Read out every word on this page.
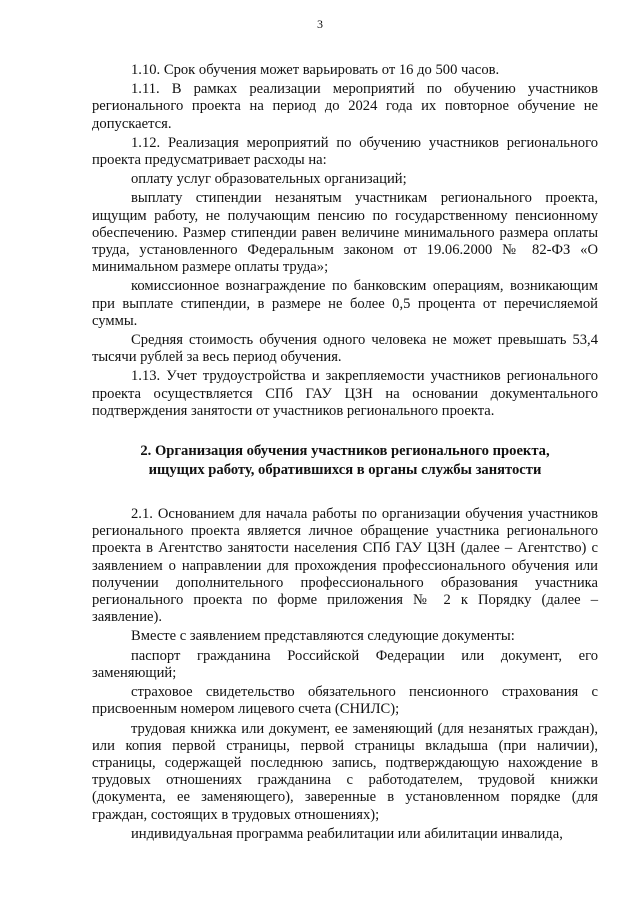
3

1.10. Срок обучения может варьировать от 16 до 500 часов.

1.11. В рамках реализации мероприятий по обучению участников регионального проекта на период до 2024 года их повторное обучение не допускается.

1.12. Реализация мероприятий по обучению участников регионального проекта предусматривает расходы на:

оплату услуг образовательных организаций;

выплату стипендии незанятым участникам регионального проекта, ищущим работу, не получающим пенсию по государственному пенсионному обеспечению. Размер стипендии равен величине минимального размера оплаты труда, установленного Федеральным законом от 19.06.2000 № 82-ФЗ «О минимальном размере оплаты труда»;

комиссионное вознаграждение по банковским операциям, возникающим при выплате стипендии, в размере не более 0,5 процента от перечисляемой суммы.

Средняя стоимость обучения одного человека не может превышать 53,4 тысячи рублей за весь период обучения.

1.13. Учет трудоустройства и закрепляемости участников регионального проекта осуществляется СПб ГАУ ЦЗН на основании документального подтверждения занятости от участников регионального проекта.

2. Организация обучения участников регионального проекта,
ищущих работу, обратившихся в органы службы занятости

2.1. Основанием для начала работы по организации обучения участников регионального проекта является личное обращение участника регионального проекта в Агентство занятости населения СПб ГАУ ЦЗН (далее – Агентство) с заявлением о направлении для прохождения профессионального обучения или получении дополнительного профессионального образования участника регионального проекта по форме приложения № 2 к Порядку (далее – заявление).

Вместе с заявлением представляются следующие документы:

паспорт гражданина Российской Федерации или документ, его заменяющий;

страховое свидетельство обязательного пенсионного страхования с присвоенным номером лицевого счета (СНИЛС);

трудовая книжка или документ, ее заменяющий (для незанятых граждан), или копия первой страницы, первой страницы вкладыша (при наличии), страницы, содержащей последнюю запись, подтверждающую нахождение в трудовых отношениях гражданина с работодателем, трудовой книжки (документа, ее заменяющего), заверенные в установленном порядке (для граждан, состоящих в трудовых отношениях);

индивидуальная программа реабилитации или абилитации инвалида,
